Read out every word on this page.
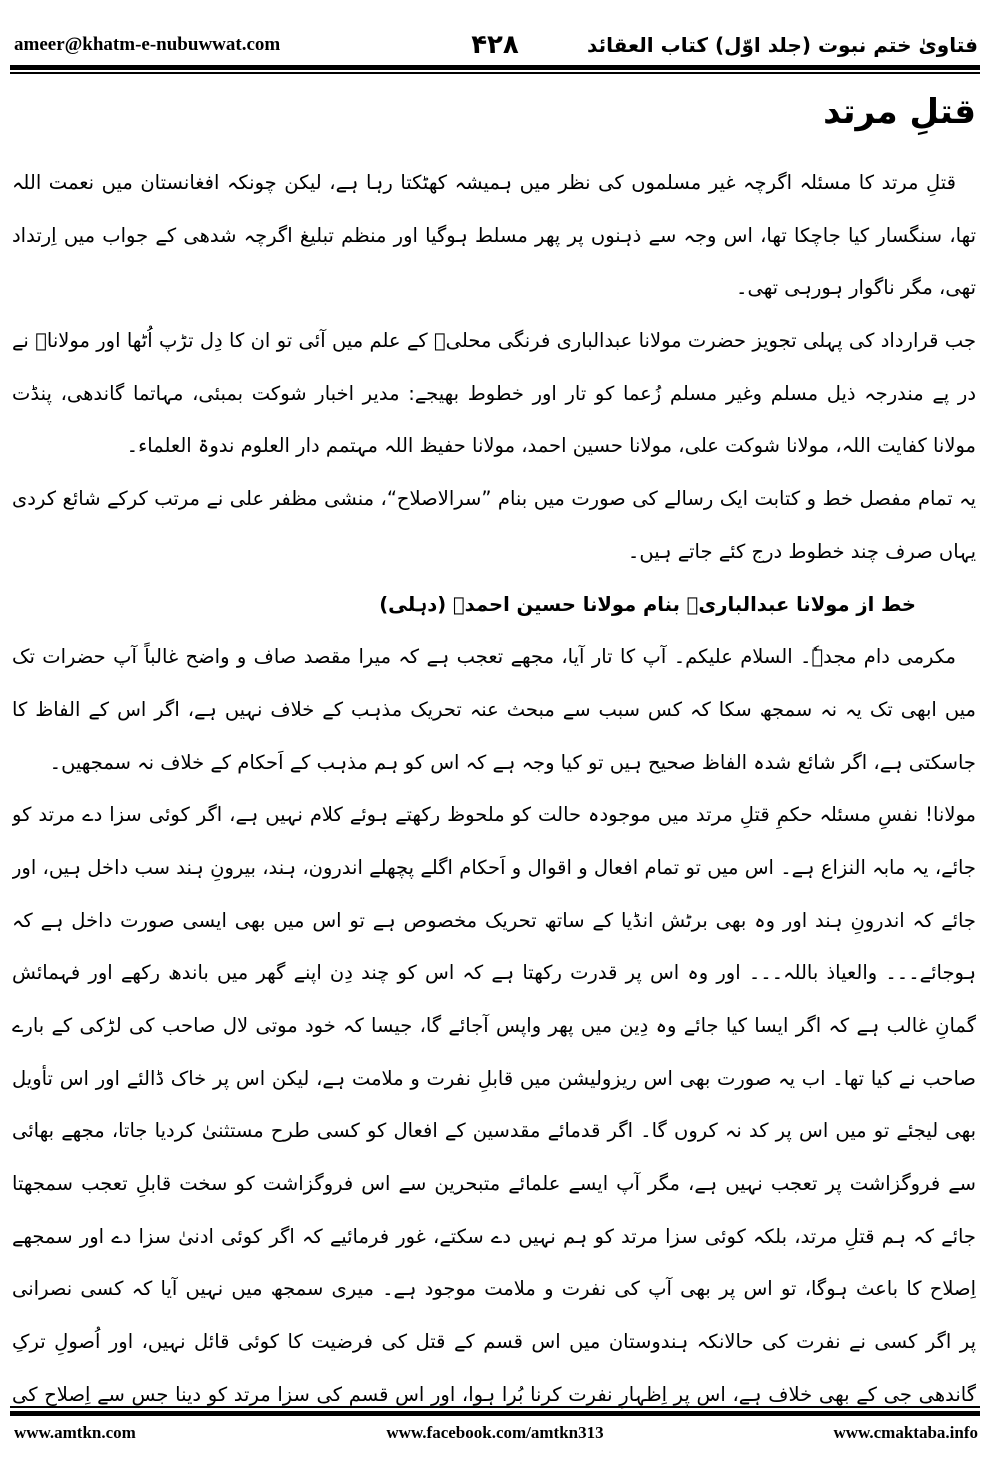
ameer@khatm-e-nubuwwat.com	۴۲۸	فتاویٰ ختم نبوت (جلد اوّل) کتاب العقائد
قتلِ مرتد
قتلِ مرتد کا مسئلہ اگرچہ غیر مسلموں کی نظر میں ہمیشہ کھٹکتا رہا ہے، لیکن چونکہ افغانستان میں نعمت اللہ
تھا، سنگسار کیا جاچکا تھا، اس وجہ سے ذہنوں پر پھر مسلط ہوگیا اور منظم تبلیغ اگرچہ شدھی کے جواب میں اِرتداد
تھی، مگر ناگوار ہورہی تھی۔
جب قرارداد کی پہلی تجویز حضرت مولانا عبدالباری فرنگی محلیؒ کے علم میں آئی تو ان کا دِل تڑپ اُٹھا اور مولاناؒ نے
در پے مندرجہ ذیل مسلم وغیر مسلم زُعما کو تار اور خطوط بھیجے: مدیر اخبار شوکت بمبئی، مہاتما گاندھی، پنڈت
مولانا کفایت اللہ، مولانا شوکت علی، مولانا حسین احمد، مولانا حفیظ اللہ مہتمم دار العلوم ندوۃ العلماء۔
یہ تمام مفصل خط و کتابت ایک رسالے کی صورت میں بنام ”سرالاصلاح“، منشی مظفر علی نے مرتب کرکے شائع کردی
یہاں صرف چند خطوط درج کئے جاتے ہیں۔
خط از مولانا عبدالباریؒ بنام مولانا حسین احمدؒ (دہلی)
مکرمی دام مجدہٗ۔ السلام علیکم۔ آپ کا تار آیا، مجھے تعجب ہے کہ میرا مقصد صاف و واضح غالباً آپ حضرات تک
میں ابھی تک یہ نہ سمجھ سکا کہ کس سبب سے مبحث عنہ تحریک مذہب کے خلاف نہیں ہے، اگر اس کے الفاظ کا
جاسکتی ہے، اگر شائع شدہ الفاظ صحیح ہیں تو کیا وجہ ہے کہ اس کو ہم مذہب کے اَحکام کے خلاف نہ سمجھیں۔
مولانا! نفسِ مسئلہ حکمِ قتلِ مرتد میں موجودہ حالت کو ملحوظ رکھتے ہوئے کلام نہیں ہے، اگر کوئی سزا دے مرتد کو
جائے، یہ مابہ النزاع ہے۔ اس میں تو تمام افعال و اقوال و اَحکام اگلے پچھلے اندرون، ہند، بیرونِ ہند سب داخل ہیں، اور
جائے کہ اندرونِ ہند اور وہ بھی برٹش انڈیا کے ساتھ تحریک مخصوص ہے تو اس میں بھی ایسی صورت داخل ہے کہ
ہوجائے۔۔۔ والعیاذ باللہ۔۔۔ اور وہ اس پر قدرت رکھتا ہے کہ اس کو چند دِن اپنے گھر میں باندھ رکھے اور فہمائش
گمانِ غالب ہے کہ اگر ایسا کیا جائے وہ دِین میں پھر واپس آجائے گا، جیسا کہ خود موتی لال صاحب کی لڑکی کے بارے
صاحب نے کیا تھا۔ اب یہ صورت بھی اس ریزولیشن میں قابلِ نفرت و ملامت ہے، لیکن اس پر خاک ڈالئے اور اس تأویل
بھی لیجئے تو میں اس پر کد نہ کروں گا۔ اگر قدمائے مقدسین کے افعال کو کسی طرح مستثنیٰ کردیا جاتا، مجھے بھائی
سے فروگزاشت پر تعجب نہیں ہے، مگر آپ ایسے علمائے متبحرین سے اس فروگزاشت کو سخت قابلِ تعجب سمجھتا
جائے کہ ہم قتلِ مرتد، بلکہ کوئی سزا مرتد کو ہم نہیں دے سکتے، غور فرمائیے کہ اگر کوئی ادنیٰ سزا دے اور سمجھے
اِصلاح کا باعث ہوگا، تو اس پر بھی آپ کی نفرت و ملامت موجود ہے۔ میری سمجھ میں نہیں آیا کہ کسی نصرانی
پر اگر کسی نے نفرت کی حالانکہ ہندوستان میں اس قسم کے قتل کی فرضیت کا کوئی قائل نہیں، اور اُصولِ ترکِ
گاندھی جی کے بھی خلاف ہے، اس پر اِظہارِ نفرت کرنا بُرا ہوا، اور اس قسم کی سزا مرتد کو دینا جس سے اِصلاح کی
www.amtkn.com	www.facebook.com/amtkn313	www.cmaktaba.info
